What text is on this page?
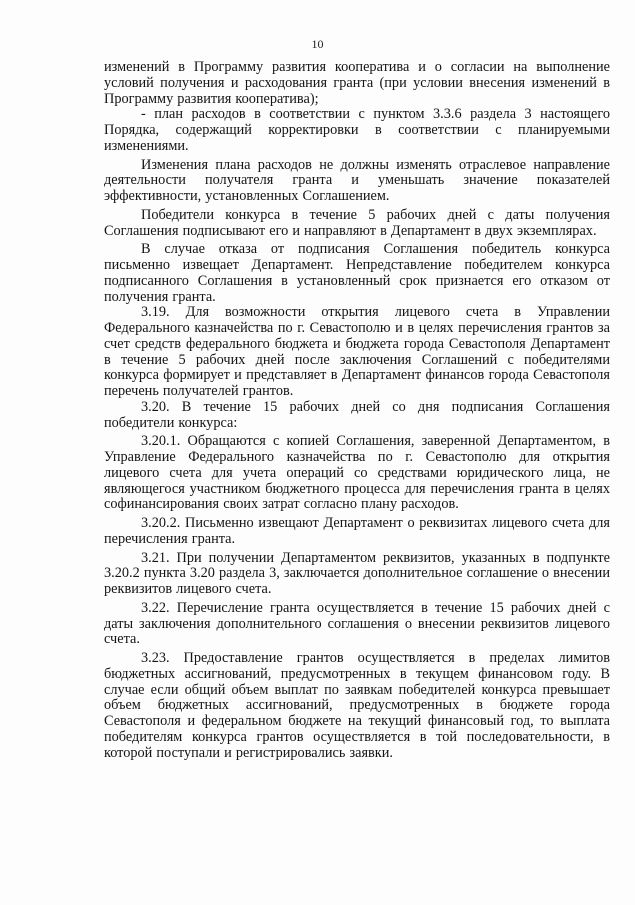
10

изменений в Программу развития кооператива и о согласии на выполнение условий получения и расходования гранта (при условии внесения изменений в Программу развития кооператива);

- план расходов в соответствии с пунктом 3.3.6 раздела 3 настоящего Порядка, содержащий корректировки в соответствии с планируемыми изменениями.

Изменения плана расходов не должны изменять отраслевое направление деятельности получателя гранта и уменьшать значение показателей эффективности, установленных Соглашением.

Победители конкурса в течение 5 рабочих дней с даты получения Соглашения подписывают его и направляют в Департамент в двух экземплярах.

В случае отказа от подписания Соглашения победитель конкурса письменно извещает Департамент. Непредставление победителем конкурса подписанного Соглашения в установленный срок признается его отказом от получения гранта.

3.19. Для возможности открытия лицевого счета в Управлении Федерального казначейства по г. Севастополю и в целях перечисления грантов за счет средств федерального бюджета и бюджета города Севастополя Департамент в течение 5 рабочих дней после заключения Соглашений с победителями конкурса формирует и представляет в Департамент финансов города Севастополя перечень получателей грантов.

3.20. В течение 15 рабочих дней со дня подписания Соглашения победители конкурса:

3.20.1. Обращаются с копией Соглашения, заверенной Департаментом, в Управление Федерального казначейства по г. Севастополю для открытия лицевого счета для учета операций со средствами юридического лица, не являющегося участником бюджетного процесса для перечисления гранта в целях софинансирования своих затрат согласно плану расходов.

3.20.2. Письменно извещают Департамент о реквизитах лицевого счета для перечисления гранта.

3.21. При получении Департаментом реквизитов, указанных в подпункте 3.20.2 пункта 3.20 раздела 3, заключается дополнительное соглашение о внесении реквизитов лицевого счета.

3.22. Перечисление гранта осуществляется в течение 15 рабочих дней с даты заключения дополнительного соглашения о внесении реквизитов лицевого счета.

3.23. Предоставление грантов осуществляется в пределах лимитов бюджетных ассигнований, предусмотренных в текущем финансовом году. В случае если общий объем выплат по заявкам победителей конкурса превышает объем бюджетных ассигнований, предусмотренных в бюджете города Севастополя и федеральном бюджете на текущий финансовый год, то выплата победителям конкурса грантов осуществляется в той последовательности, в которой поступали и регистрировались заявки.
